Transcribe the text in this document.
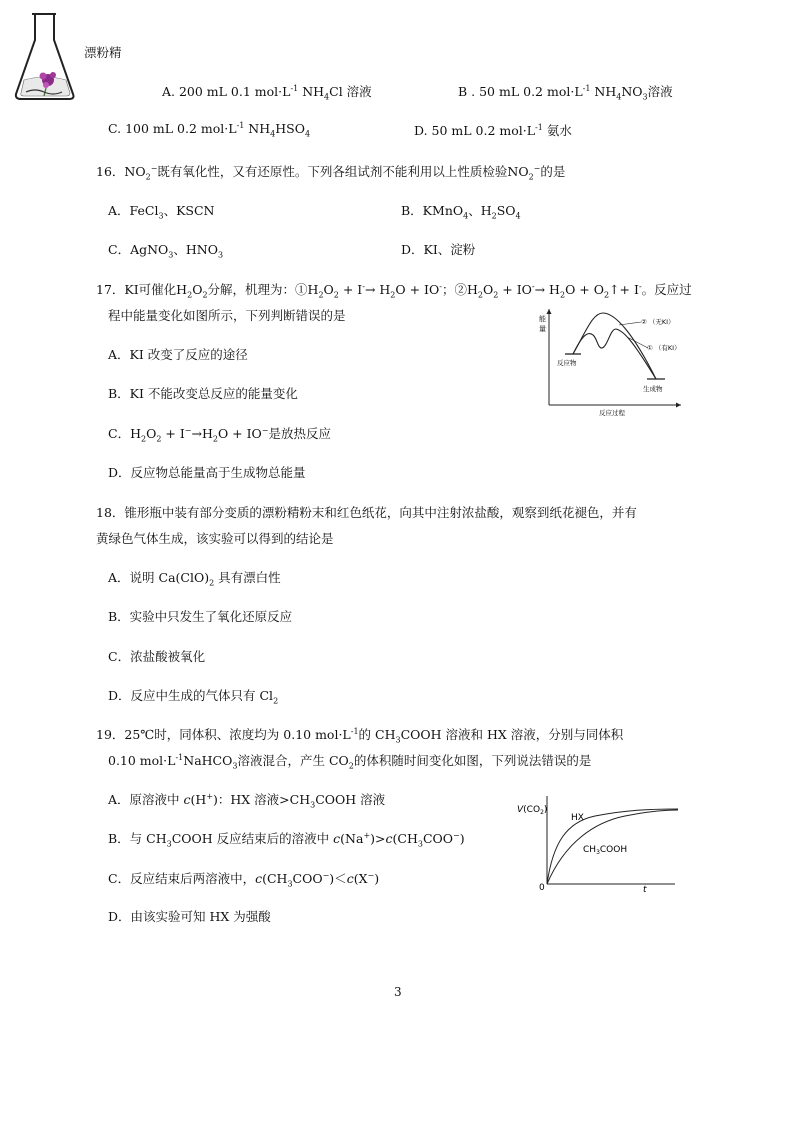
漂粉精
A. 200 mL 0.1 $mol\cdot L^{-1}$ $NH_4Cl$ 溶液	B . 50 mL 0.2 $mol\cdot L^{-1}$ $NH_4NO_3$溶液
C. 100 mL 0.2 $mol\cdot L^{-1}$ $NH_4HSO_4$	D. 50 mL 0.2 $mol\cdot L^{-1}$ 氨水
16．$NO_2^-$既有氧化性，又有还原性。下列各组试剂不能利用以上性质检验$NO_2^-$的是
A．FeCl$_3$、KSCN	B．KMnO$_4$、$H_2SO_4$
C．AgNO$_3$、$HNO_3$	D．KI、淀粉
17．KI可催化$H_2O_2$分解，机理为：$①H_2O_2 + I^-\to H_2O + IO^-$；$②H_2O_2 + IO^-\to H_2O$ + $O_2↑+ I^-$。反应过
程中能量变化如图所示，下列判断错误的是
A．KI 改变了反应的途径
B．KI 不能改变总反应的能量变化
C．$H_2O_2 + I^-\to H_2O + IO^-$是放热反应
D．反应物总能量高于生成物总能量
能
量
② （无KI）
① （有KI）
反应物
生成物
反应过程
18．锥形瓶中装有部分变质的漂粉精粉末和红色纸花，向其中注射浓盐酸，观察到纸花褪色，并有
黄绿色气体生成，该实验可以得到的结论是
A．说明 $Ca(ClO)_2$ 具有漂白性
B．实验中只发生了氧化还原反应
C．浓盐酸被氧化
D．反应中生成的气体只有 $Cl_2$
19．25℃时，同体积、浓度均为 0.10 $mol\cdot L^{-1}$的 $CH_3COOH$ 溶液和 HX 溶液，分别与同体积
0.10 $mol\cdot L^{-1}NaHCO_3$溶液混合，产生 $CO_2$的体积随时间变化如图，下列说法错误的是
A．原溶液中 c(H+)：HX 溶液$>CH_3COOH$ 溶液
B．与 $CH_3COOH$ 反应结束后的溶液中 $c(Na^+)>c(CH_3COO^-)$
C．反应结束后两溶液中，$c(CH_3COO^-)<c(X^-)$
D．由该实验可知 HX 为强酸
$V(CO_2)$
HX
$CH_3COOH$
0	t
3
